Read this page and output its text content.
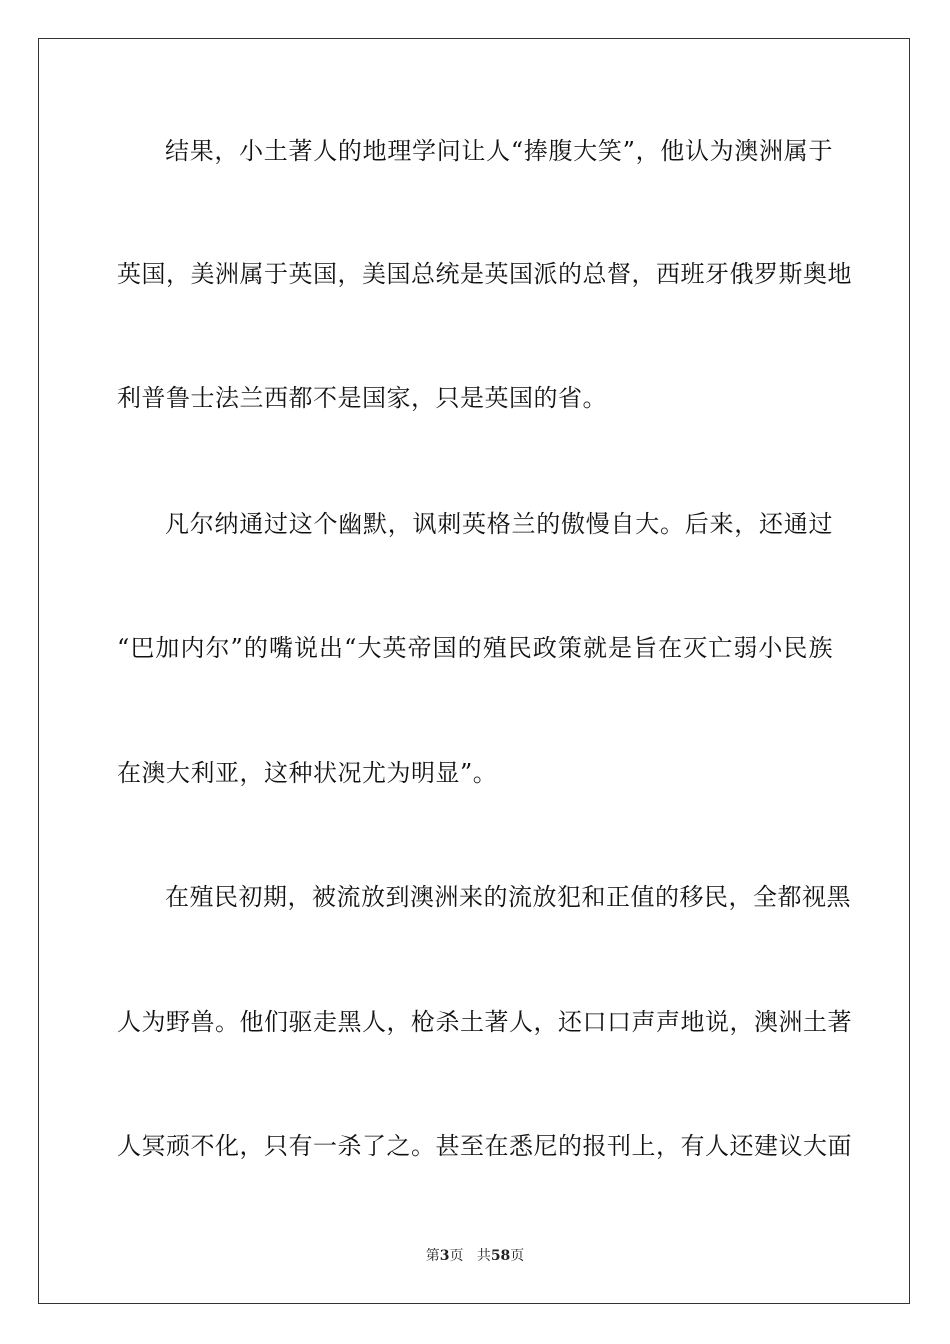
结果，小土著人的地理学问让人“捧腹大笑”，他认为澳洲属于
英国，美洲属于英国，美国总统是英国派的总督，西班牙俄罗斯奥地
利普鲁士法兰西都不是国家，只是英国的省。
凡尔纳通过这个幽默，讽刺英格兰的傲慢自大。后来，还通过
“巴加内尔”的嘴说出“大英帝国的殖民政策就是旨在灭亡弱小民族
在澳大利亚，这种状况尤为明显”。
在殖民初期，被流放到澳洲来的流放犯和正值的移民，全都视黑
人为野兽。他们驱走黑人，枪杀土著人，还口口声声地说，澳洲土著
人冥顽不化，只有一杀了之。甚至在悉尼的报刊上，有人还建议大面
第3页 共58页
